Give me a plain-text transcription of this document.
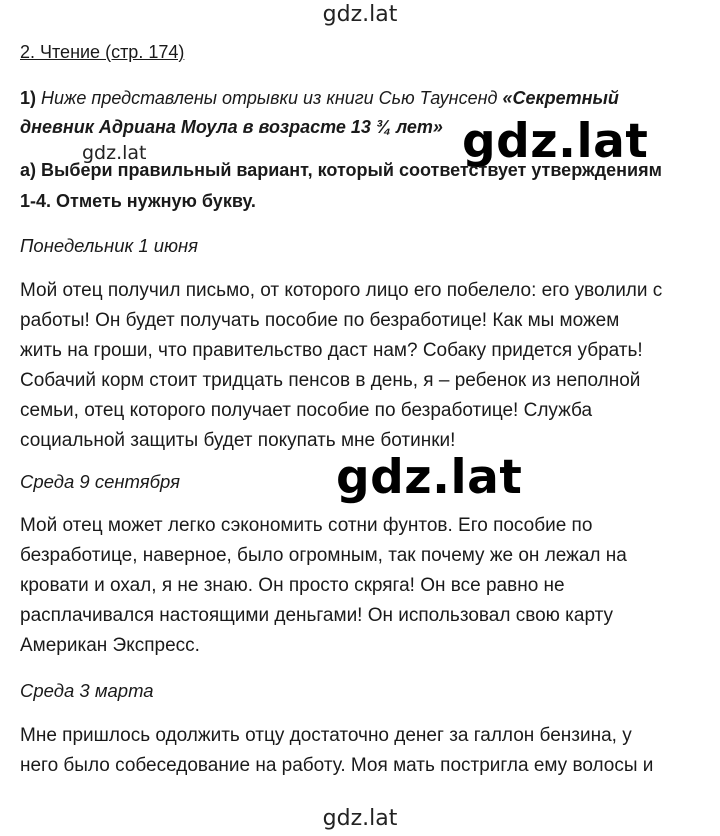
gdz.lat
gdz.lat	gdz.lat
gdz.lat
gdz.lat
2. Чтение (стр. 174)
1) Ниже представлены отрывки из книги Сью Таунсенд «Секретный
дневник Адриана Моула в возрасте 13 ¾ лет»
а) Выбери правильный вариант, который соответствует утверждениям
1-4. Отметь нужную букву.
Понедельник 1 июня
Мой отец получил письмо, от которого лицо его побелело: его уволили с
работы! Он будет получать пособие по безработице! Как мы можем
жить на гроши, что правительство даст нам? Собаку придется убрать!
Собачий корм стоит тридцать пенсов в день, я – ребенок из неполной
семьи, отец которого получает пособие по безработице! Служба
социальной защиты будет покупать мне ботинки!
Среда 9 сентября
Мой отец может легко сэкономить сотни фунтов. Его пособие по
безработице, наверное, было огромным, так почему же он лежал на
кровати и охал, я не знаю. Он просто скряга! Он все равно не
расплачивался настоящими деньгами! Он использовал свою карту
Американ Экспресс.
Среда 3 марта
Мне пришлось одолжить отцу достаточно денег за галлон бензина, у
него было собеседование на работу. Моя мать постригла ему волосы и
